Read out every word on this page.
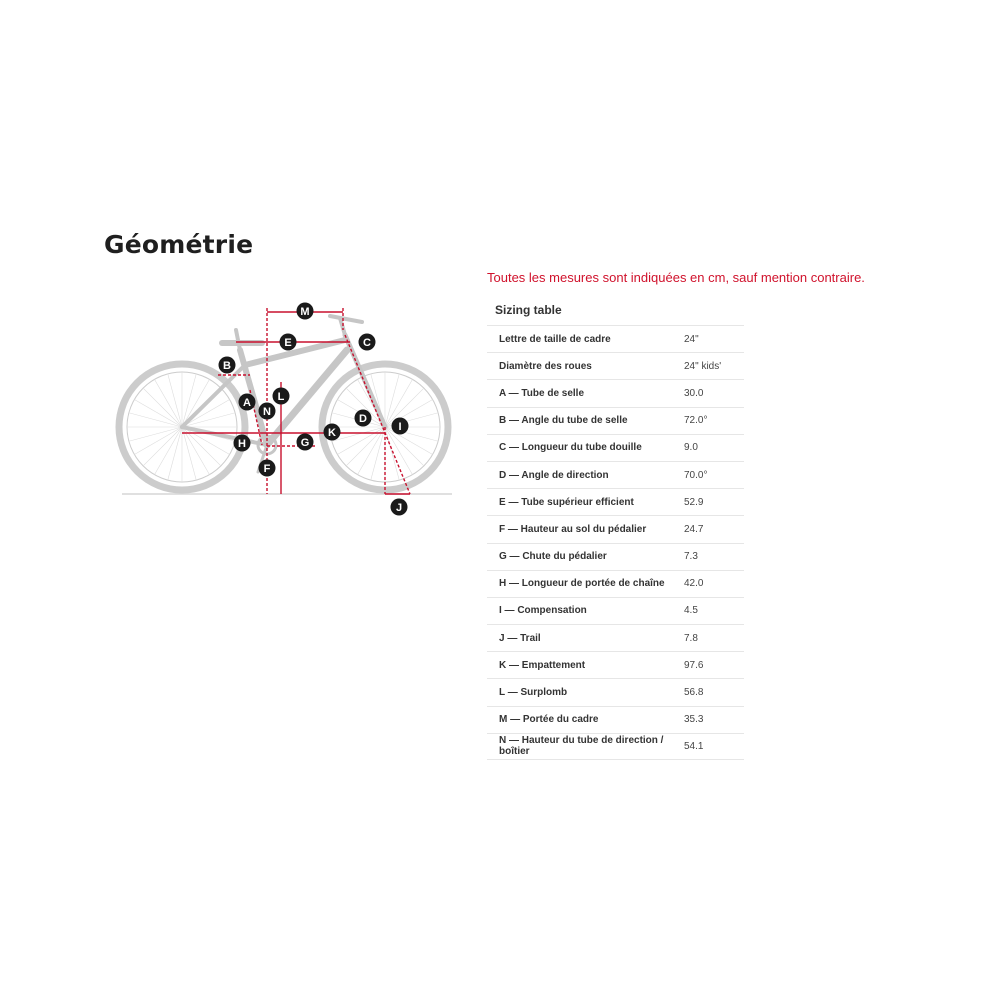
Géométrie
A
B
C
D
E
F
G
H
I
J
K
L
M
N
Toutes les mesures sont indiquées en cm, sauf mention contraire.
Sizing table
Lettre de taille de cadre	24"
Diamètre des roues	24" kids'
A — Tube de selle	30.0
B — Angle du tube de selle	72.0°
C — Longueur du tube douille	9.0
D — Angle de direction	70.0°
E — Tube supérieur efficient	52.9
F — Hauteur au sol du pédalier	24.7
G — Chute du pédalier	7.3
H — Longueur de portée de chaîne	42.0
I — Compensation	4.5
J — Trail	7.8
K — Empattement	97.6
L — Surplomb	56.8
M — Portée du cadre	35.3
N — Hauteur du tube de direction / boîtier	54.1
